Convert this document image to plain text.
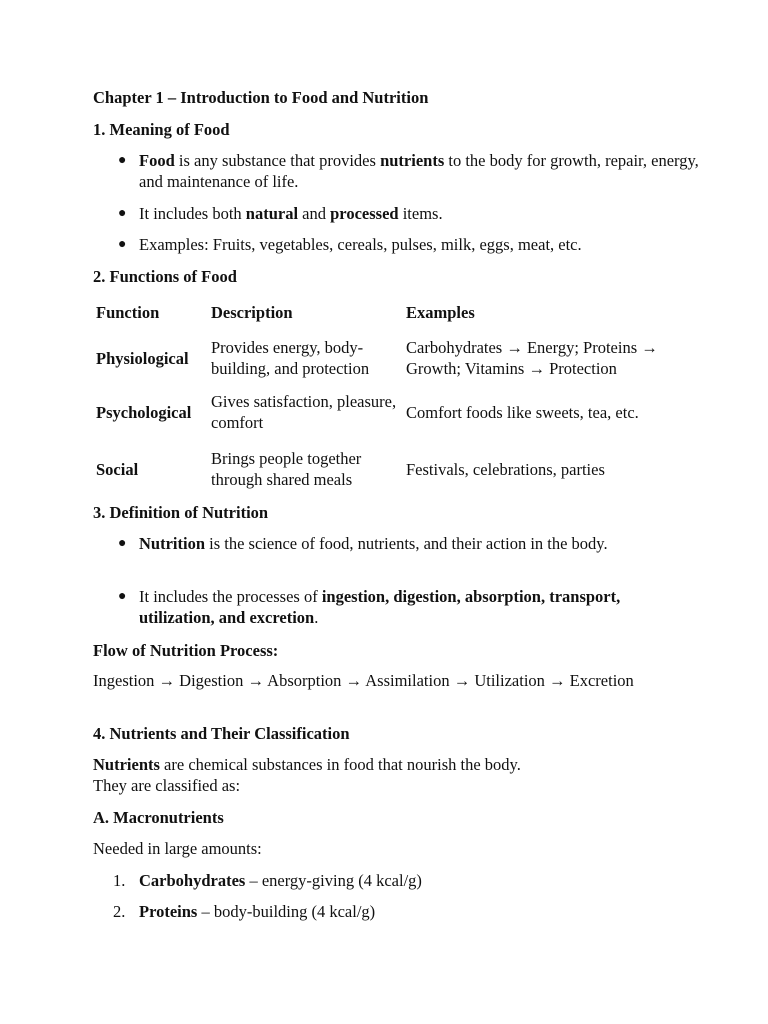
Chapter 1 – Introduction to Food and Nutrition
1. Meaning of Food
● Food is any substance that provides nutrients to the body for growth, repair, energy, and maintenance of life.
● It includes both natural and processed items.
● Examples: Fruits, vegetables, cereals, pulses, milk, eggs, meat, etc.
2. Functions of Food
Function	Description	Examples

Physiological	Provides energy, body-building, and protection	Carbohydrates → Energy; Proteins → Growth; Vitamins → Protection
Psychological	Gives satisfaction, pleasure, comfort	Comfort foods like sweets, tea, etc.
Social	Brings people together through shared meals	Festivals, celebrations, parties
3. Definition of Nutrition
● Nutrition is the science of food, nutrients, and their action in the body.
● It includes the processes of ingestion, digestion, absorption, transport, utilization, and excretion.
Flow of Nutrition Process:
Ingestion → Digestion → Absorption → Assimilation → Utilization → Excretion
4. Nutrients and Their Classification
Nutrients are chemical substances in food that nourish the body.
They are classified as:
A. Macronutrients
Needed in large amounts:
1. Carbohydrates – energy-giving (4 kcal/g)
2. Proteins – body-building (4 kcal/g)
